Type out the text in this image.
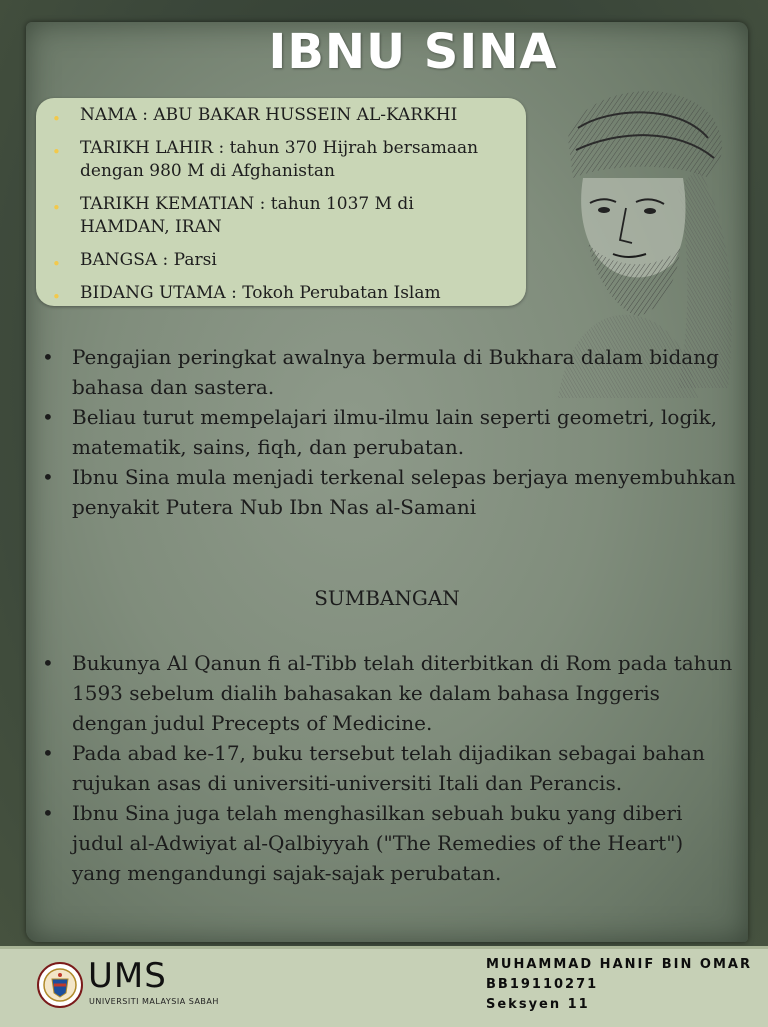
IBNU SINA
• NAMA : ABU BAKAR HUSSEIN AL-KARKHI
• TARIKH LAHIR : tahun 370 Hijrah bersamaan dengan 980 M di Afghanistan
• TARIKH KEMATIAN : tahun 1037 M di HAMDAN, IRAN
• BANGSA : Parsi
• BIDANG UTAMA : Tokoh Perubatan Islam
• Pengajian peringkat awalnya bermula di Bukhara dalam bidang bahasa dan sastera.
• Beliau turut mempelajari ilmu-ilmu lain seperti geometri, logik, matematik, sains, fiqh, dan perubatan.
• Ibnu Sina mula menjadi terkenal selepas berjaya menyembuhkan penyakit Putera Nub Ibn Nas al-Samani
SUMBANGAN
• Bukunya Al Qanun fi al-Tibb telah diterbitkan di Rom pada tahun 1593 sebelum dialih bahasakan ke dalam bahasa Inggeris dengan judul Precepts of Medicine.
• Pada abad ke-17, buku tersebut telah dijadikan sebagai bahan rujukan asas di universiti-universiti Itali dan Perancis.
• Ibnu Sina juga telah menghasilkan sebuah buku yang diberi judul al-Adwiyat al-Qalbiyyah ("The Remedies of the Heart") yang mengandungi sajak-sajak perubatan.
UMS
UNIVERSITI MALAYSIA SABAH
MUHAMMAD HANIF BIN OMAR
BB19110271
Seksyen 11
